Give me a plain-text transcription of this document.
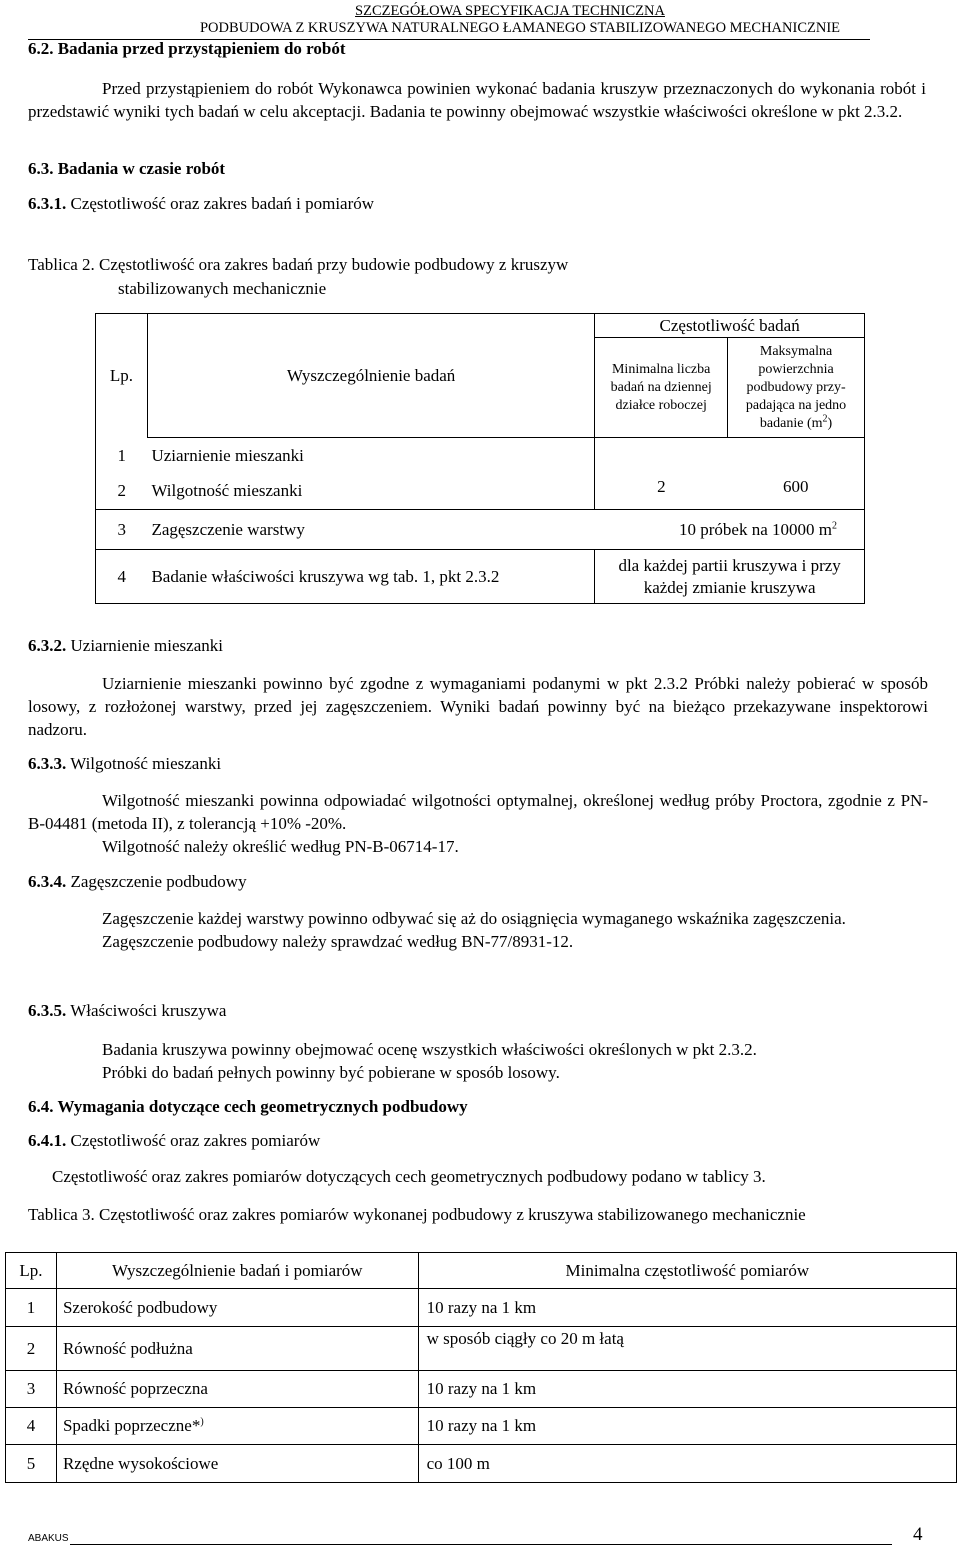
SZCZEGÓŁOWA SPECYFIKACJA TECHNICZNA
PODBUDOWA Z KRUSZYWA NATURALNEGO ŁAMANEGO STABILIZOWANEGO MECHANICZNIE
6.2. Badania przed przystąpieniem do robót

Przed przystąpieniem do robót Wykonawca powinien wykonać badania kruszyw przeznaczonych do wykonania robót i przedstawić wyniki tych badań w celu akceptacji. Badania te powinny obejmować wszystkie właściwości określone w pkt 2.3.2.

6.3. Badania w czasie robót
6.3.1. Częstotliwość oraz zakres badań i pomiarów
Tablica 2. Częstotliwość ora zakres badań przy budowie podbudowy z kruszyw
stabilizowanych mechanicznie
Lp.	Wyszczególnienie badań	Częstotliwość badań	
		Minimalna liczba badań na dziennej działce roboczej	Maksymalna powierzchnia podbudowy przy-padająca na jedno badanie $(m^2)$
1	Uziarnienie mieszanki	2	600
2	Wilgotność mieszanki		
3	Zagęszczenie warstwy	10 próbek na 10000 $m^2$
4	Badanie właściwości kruszywa wg tab. 1, pkt 2.3.2	dla każdej partii kruszywa i przy każdej zmianie kruszywa	
6.3.2. Uziarnienie mieszanki

Uziarnienie mieszanki powinno być zgodne z wymaganiami podanymi w pkt 2.3.2 Próbki należy pobierać w sposób losowy, z rozłożonej warstwy, przed jej zagęszczeniem. Wyniki badań powinny być na bieżąco przekazywane inspektorowi nadzoru.

6.3.3. Wilgotność mieszanki

Wilgotność mieszanki powinna odpowiadać wilgotności optymalnej, określonej według próby Proctora, zgodnie z PN-B-04481 (metoda II), z tolerancją +10% -20%.

Wilgotność należy określić według PN-B-06714-17.

6.3.4. Zagęszczenie podbudowy

Zagęszczenie każdej warstwy powinno odbywać się aż do osiągnięcia wymaganego wskaźnika zagęszczenia.

Zagęszczenie podbudowy należy sprawdzać według BN-77/8931-12.

6.3.5. Właściwości kruszywa

Badania kruszywa powinny obejmować ocenę wszystkich właściwości określonych w pkt 2.3.2.

Próbki do badań pełnych powinny być pobierane w sposób losowy.

6.4. Wymagania dotyczące cech geometrycznych podbudowy
6.4.1. Częstotliwość oraz zakres pomiarów
Częstotliwość oraz zakres pomiarów dotyczących cech geometrycznych podbudowy podano w tablicy 3.
Tablica 3. Częstotliwość oraz zakres pomiarów wykonanej podbudowy z kruszywa stabilizowanego mechanicznie
Lp.	Wyszczególnienie badań i pomiarów	Minimalna częstotliwość pomiarów
1	Szerokość podbudowy	10 razy na 1 km
2	Równość podłużna	w sposób ciągły co 20 m łatą
3	Równość poprzeczna	10 razy na 1 km
4	Spadki poprzeczne*)	10 razy na 1 km
5	Rzędne wysokościowe	co 100 m
ABAKUS	4
